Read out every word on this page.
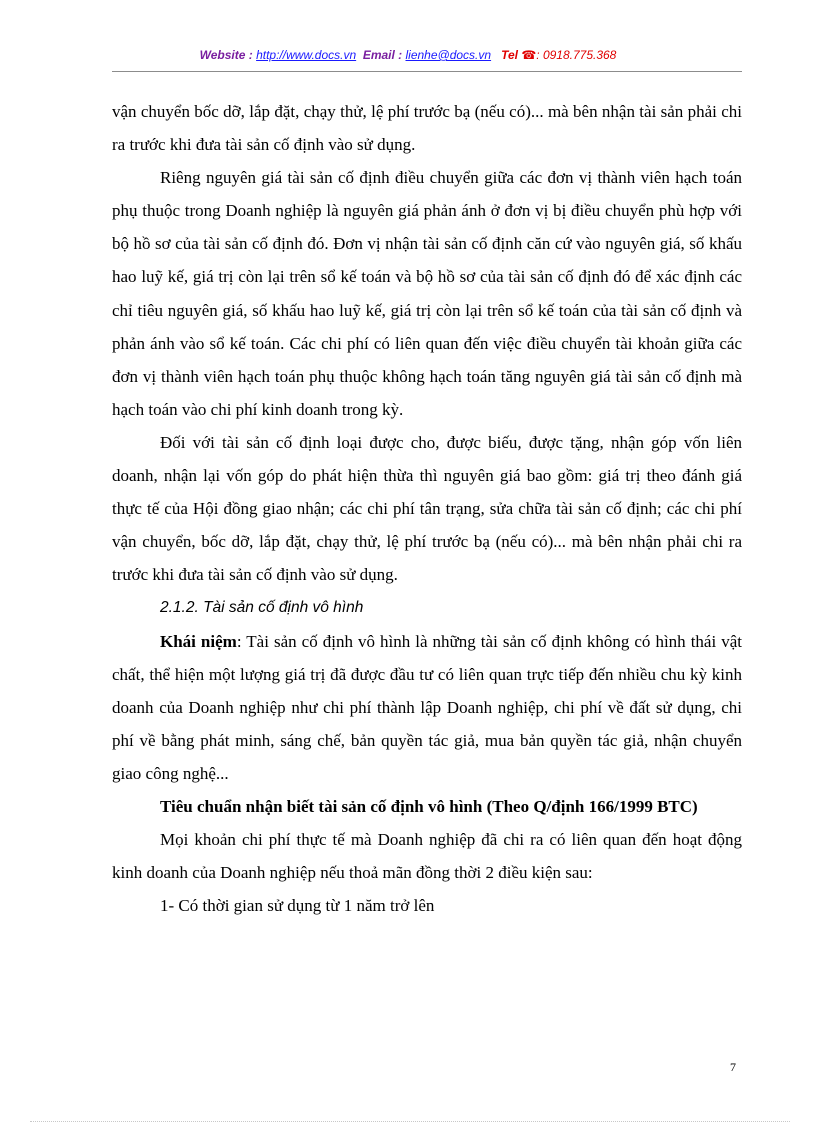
Website : http://www.docs.vn Email : lienhe@docs.vn Tel ☎: 0918.775.368

vận chuyển bốc dỡ, lắp đặt, chạy thử, lệ phí trước bạ (nếu có)... mà bên nhận tài sản phải chi ra trước khi đưa tài sản cố định vào sử dụng.

Riêng nguyên giá tài sản cố định điều chuyển giữa các đơn vị thành viên hạch toán phụ thuộc trong Doanh nghiệp là nguyên giá phản ánh ở đơn vị bị điều chuyển phù hợp với bộ hồ sơ của tài sản cố định đó. Đơn vị nhận tài sản cố định căn cứ vào nguyên giá, số khấu hao luỹ kế, giá trị còn lại trên sổ kế toán và bộ hồ sơ của tài sản cố định đó để xác định các chỉ tiêu nguyên giá, số khấu hao luỹ kế, giá trị còn lại trên sổ kế toán của tài sản cố định và phản ánh vào sổ kế toán. Các chi phí có liên quan đến việc điều chuyển tài khoản giữa các đơn vị thành viên hạch toán phụ thuộc không hạch toán tăng nguyên giá tài sản cố định mà hạch toán vào chi phí kinh doanh trong kỳ.

Đối với tài sản cố định loại được cho, được biếu, được tặng, nhận góp vốn liên doanh, nhận lại vốn góp do phát hiện thừa thì nguyên giá bao gồm: giá trị theo đánh giá thực tế của Hội đồng giao nhận; các chi phí tân trạng, sửa chữa tài sản cố định; các chi phí vận chuyển, bốc dỡ, lắp đặt, chạy thử, lệ phí trước bạ (nếu có)... mà bên nhận phải chi ra trước khi đưa tài sản cố định vào sử dụng.

2.1.2. Tài sản cố định vô hình

Khái niệm: Tài sản cố định vô hình là những tài sản cố định không có hình thái vật chất, thể hiện một lượng giá trị đã được đầu tư có liên quan trực tiếp đến nhiều chu kỳ kinh doanh của Doanh nghiệp như chi phí thành lập Doanh nghiệp, chi phí về đất sử dụng, chi phí về bằng phát minh, sáng chế, bản quyền tác giả, mua bản quyền tác giả, nhận chuyển giao công nghệ...

Tiêu chuẩn nhận biết tài sản cố định vô hình (Theo Q/định 166/1999 BTC)

Mọi khoản chi phí thực tế mà Doanh nghiệp đã chi ra có liên quan đến hoạt động kinh doanh của Doanh nghiệp nếu thoả mãn đồng thời 2 điều kiện sau:

1- Có thời gian sử dụng từ 1 năm trở lên

7
